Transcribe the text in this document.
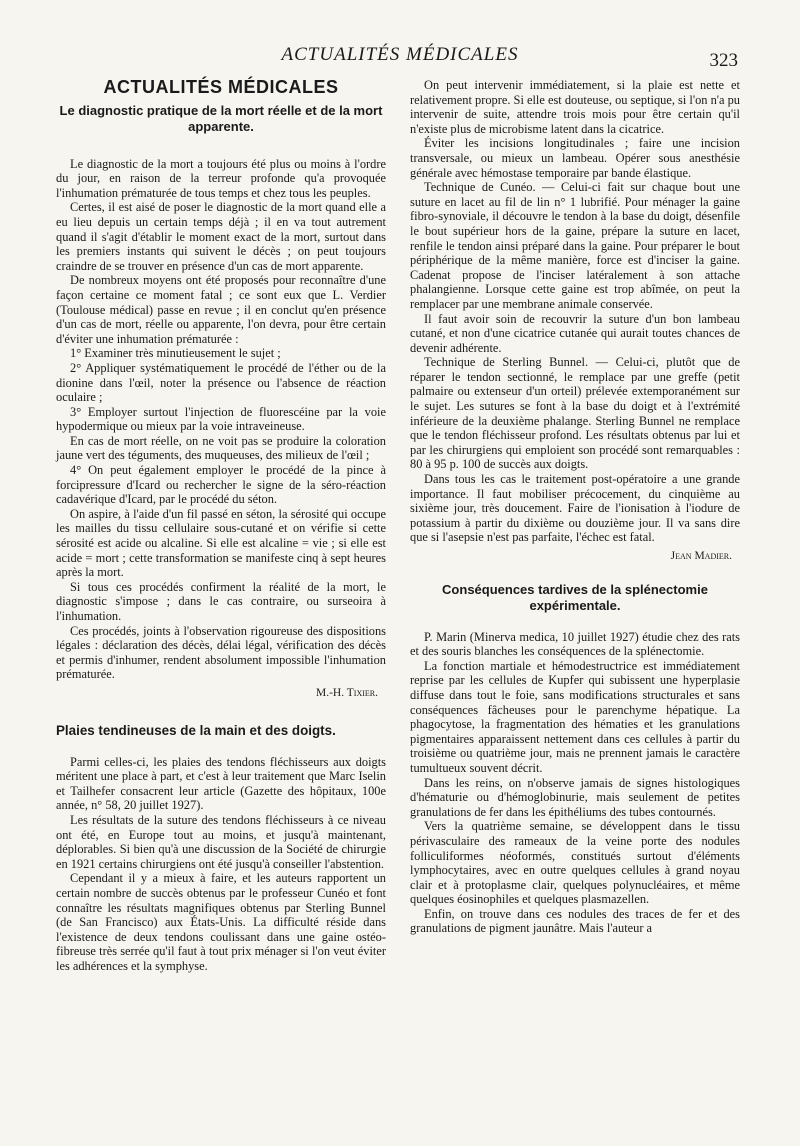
ACTUALITÉS MÉDICALES	323
ACTUALITÉS MÉDICALES
Le diagnostic pratique de la mort réelle et de la mort apparente.

Le diagnostic de la mort a toujours été plus ou moins à l'ordre du jour, en raison de la terreur profonde qu'a provoquée l'inhumation prématurée de tous temps et chez tous les peuples.

Certes, il est aisé de poser le diagnostic de la mort quand elle a eu lieu depuis un certain temps déjà ; il en va tout autrement quand il s'agit d'établir le moment exact de la mort, surtout dans les premiers instants qui suivent le décès ; on peut toujours craindre de se trouver en présence d'un cas de mort apparente.

De nombreux moyens ont été proposés pour reconnaître d'une façon certaine ce moment fatal ; ce sont eux que L. Verdier (Toulouse médical) passe en revue ; il en conclut qu'en présence d'un cas de mort, réelle ou apparente, l'on devra, pour être certain d'éviter une inhumation prématurée :

1° Examiner très minutieusement le sujet ;

2° Appliquer systématiquement le procédé de l'éther ou de la dionine dans l'œil, noter la présence ou l'absence de réaction oculaire ;

3° Employer surtout l'injection de fluorescéine par la voie hypodermique ou mieux par la voie intraveineuse.

En cas de mort réelle, on ne voit pas se produire la coloration jaune vert des téguments, des muqueuses, des milieux de l'œil ;

4° On peut également employer le procédé de la pince à forcipressure d'Icard ou rechercher le signe de la séro-réaction cadavérique d'Icard, par le procédé du séton.

On aspire, à l'aide d'un fil passé en séton, la sérosité qui occupe les mailles du tissu cellulaire sous-cutané et on vérifie si cette sérosité est acide ou alcaline. Si elle est alcaline = vie ; si elle est acide = mort ; cette transformation se manifeste cinq à sept heures après la mort.

Si tous ces procédés confirment la réalité de la mort, le diagnostic s'impose ; dans le cas contraire, ou surseoira à l'inhumation.

Ces procédés, joints à l'observation rigoureuse des dispositions légales : déclaration des décès, délai légal, vérification des décès et permis d'inhumer, rendent absolument impossible l'inhumation prématurée.

M.-H. Tixier.
Plaies tendineuses de la main et des doigts.

Parmi celles-ci, les plaies des tendons fléchisseurs aux doigts méritent une place à part, et c'est à leur traitement que Marc Iselin et Tailhefer consacrent leur article (Gazette des hôpitaux, 100e année, n° 58, 20 juillet 1927).

Les résultats de la suture des tendons fléchisseurs à ce niveau ont été, en Europe tout au moins, et jusqu'à maintenant, déplorables. Si bien qu'à une discussion de la Société de chirurgie en 1921 certains chirurgiens ont été jusqu'à conseiller l'abstention.

Cependant il y a mieux à faire, et les auteurs rapportent un certain nombre de succès obtenus par le professeur Cunéo et font connaître les résultats magnifiques obtenus par Sterling Bunnel (de San Francisco) aux États-Unis. La difficulté réside dans l'existence de deux tendons coulissant dans une gaine ostéo-fibreuse très serrée qu'il faut à tout prix ménager si l'on veut éviter les adhérences et la symphyse.

On peut intervenir immédiatement, si la plaie est nette et relativement propre. Si elle est douteuse, ou septique, si l'on n'a pu intervenir de suite, attendre trois mois pour être certain qu'il n'existe plus de microbisme latent dans la cicatrice.

Éviter les incisions longitudinales ; faire une incision transversale, ou mieux un lambeau. Opérer sous anesthésie générale avec hémostase temporaire par bande élastique.

Technique de Cunéo. — Celui-ci fait sur chaque bout une suture en lacet au fil de lin n° 1 lubrifié. Pour ménager la gaine fibro-synoviale, il découvre le tendon à la base du doigt, désenfile le bout supérieur hors de la gaine, prépare la suture en lacet, renfile le tendon ainsi préparé dans la gaine. Pour préparer le bout périphérique de la même manière, force est d'inciser la gaine. Cadenat propose de l'inciser latéralement à son attache phalangienne. Lorsque cette gaine est trop abîmée, on peut la remplacer par une membrane animale conservée.

Il faut avoir soin de recouvrir la suture d'un bon lambeau cutané, et non d'une cicatrice cutanée qui aurait toutes chances de devenir adhérente.

Technique de Sterling Bunnel. — Celui-ci, plutôt que de réparer le tendon sectionné, le remplace par une greffe (petit palmaire ou extenseur d'un orteil) prélevée extemporanément sur le sujet. Les sutures se font à la base du doigt et à l'extrémité inférieure de la deuxième phalange. Sterling Bunnel ne remplace que le tendon fléchisseur profond. Les résultats obtenus par lui et par les chirurgiens qui emploient son procédé sont remarquables : 80 à 95 p. 100 de succès aux doigts.

Dans tous les cas le traitement post-opératoire a une grande importance. Il faut mobiliser précocement, du cinquième au sixième jour, très doucement. Faire de l'ionisation à l'iodure de potassium à partir du dixième ou douzième jour. Il va sans dire que si l'asepsie n'est pas parfaite, l'échec est fatal.

Jean Madier.
Conséquences tardives de la splénectomie expérimentale.

P. Marin (Minerva medica, 10 juillet 1927) étudie chez des rats et des souris blanches les conséquences de la splénectomie.

La fonction martiale et hémodestructrice est immédiatement reprise par les cellules de Kupfer qui subissent une hyperplasie diffuse dans tout le foie, sans modifications structurales et sans conséquences fâcheuses pour le parenchyme hépatique. La phagocytose, la fragmentation des hématies et les granulations pigmentaires apparaissent nettement dans ces cellules à partir du troisième ou quatrième jour, mais ne prennent jamais le caractère tumultueux souvent décrit.

Dans les reins, on n'observe jamais de signes histologiques d'hématurie ou d'hémoglobinurie, mais seulement de petites granulations de fer dans les épithéliums des tubes contournés.

Vers la quatrième semaine, se développent dans le tissu périvasculaire des rameaux de la veine porte des nodules folliculiformes néoformés, constitués surtout d'éléments lymphocytaires, avec en outre quelques cellules à grand noyau clair et à protoplasme clair, quelques polynucléaires, et même quelques éosinophiles et quelques plasmazellen.

Enfin, on trouve dans ces nodules des traces de fer et des granulations de pigment jaunâtre. Mais l'auteur a
